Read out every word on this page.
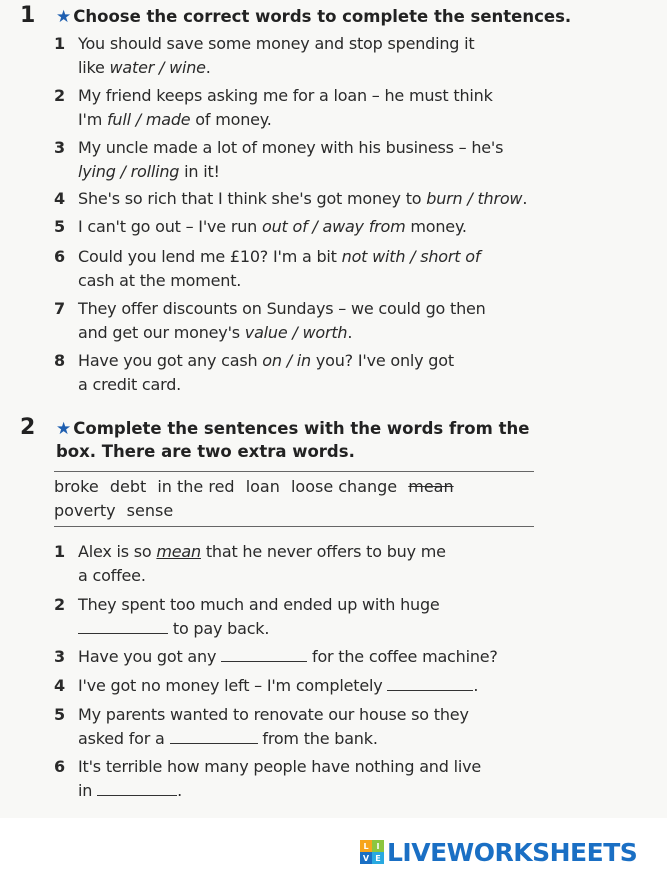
1 ★ Choose the correct words to complete the sentences.
1 You should save some money and stop spending it
like water / wine.
2 My friend keeps asking me for a loan – he must think
I'm full / made of money.
3 My uncle made a lot of money with his business – he's
lying / rolling in it!
4 She's so rich that I think she's got money to burn / throw.
5 I can't go out – I've run out of / away from money.
6 Could you lend me £10? I'm a bit not with / short of
cash at the moment.
7 They offer discounts on Sundays – we could go then
and get our money's value / worth.
8 Have you got any cash on / in you? I've only got
a credit card.
2 ★ Complete the sentences with the words from the
box. There are two extra words.
broke debt in the red loan loose change mean
poverty sense
1 Alex is so mean that he never offers to buy me
a coffee.
2 They spent too much and ended up with huge
to pay back.
3 Have you got any	for the coffee machine?
4 I've got no money left – I'm completely	.
5 My parents wanted to renovate our house so they
asked for a	from the bank.
6 It's terrible how many people have nothing and live
in	.
L I
V E LIVEWORKSHEETS
